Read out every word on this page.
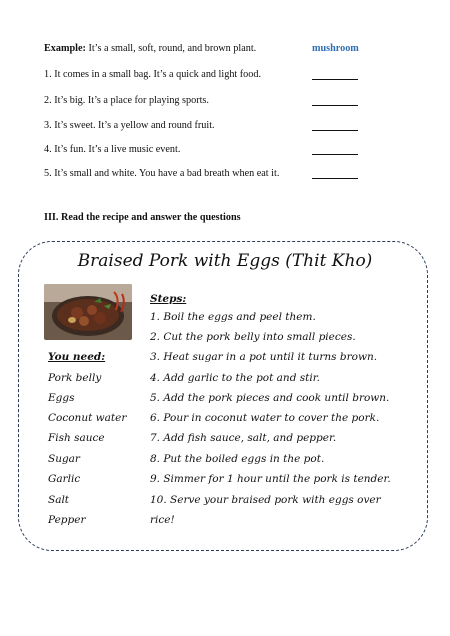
Example: It’s a small, soft, round, and brown plant.	mushroom
1. It comes in a small bag. It’s a quick and light food.
2. It’s big. It’s a place for playing sports.
3. It’s sweet. It’s a yellow and round fruit.
4. It’s fun. It’s a live music event.
5. It’s small and white. You have a bad breath when eat it.
III. Read the recipe and answer the questions
Braised Pork with Eggs (Thit Kho)
You need:
Pork belly
Eggs
Coconut water
Fish sauce
Sugar
Garlic
Salt
Pepper
Steps:
1. Boil the eggs and peel them.
2. Cut the pork belly into small pieces.
3. Heat sugar in a pot until it turns brown.
4. Add garlic to the pot and stir.
5. Add the pork pieces and cook until brown.
6. Pour in coconut water to cover the pork.
7. Add fish sauce, salt, and pepper.
8. Put the boiled eggs in the pot.
9. Simmer for 1 hour until the pork is tender.
10. Serve your braised pork with eggs over
rice!
